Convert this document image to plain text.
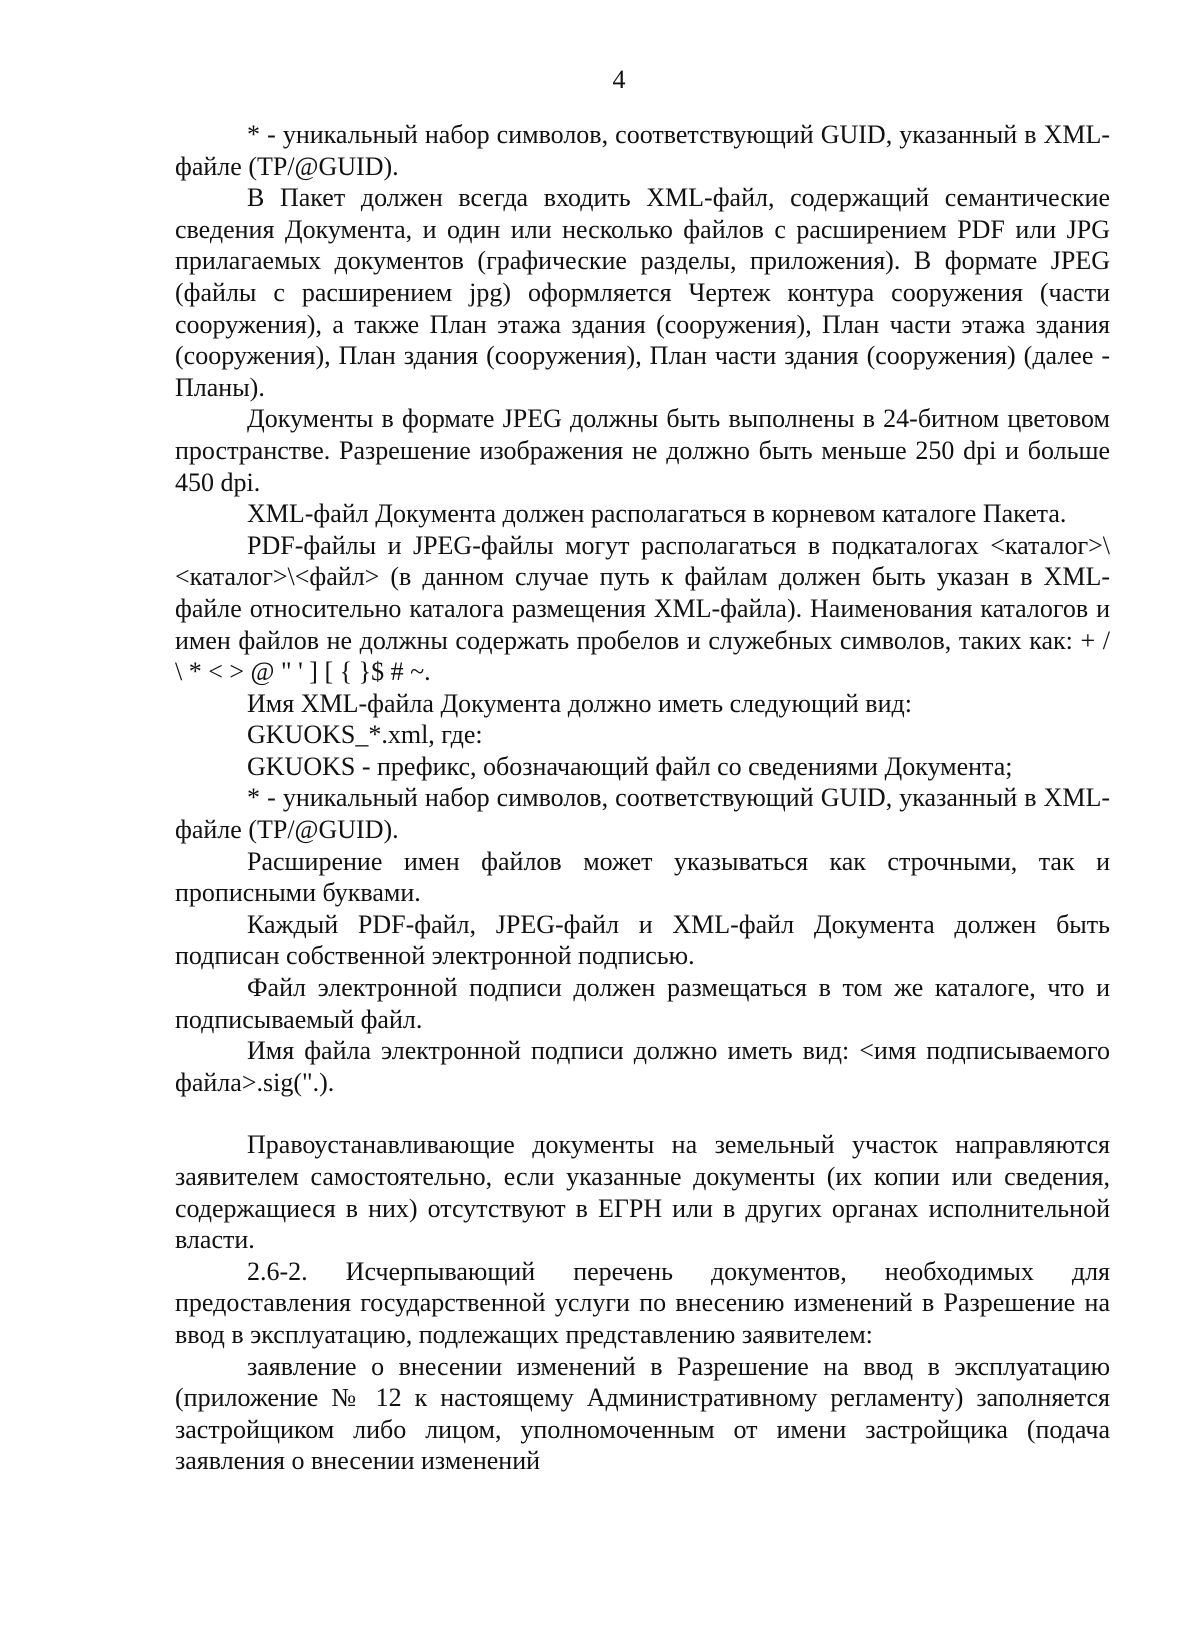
4

* - уникальный набор символов, соответствующий GUID, указанный в XML-файле (TP/@GUID).

В Пакет должен всегда входить XML-файл, содержащий семантические сведения Документа, и один или несколько файлов с расширением PDF или JPG прилагаемых документов (графические разделы, приложения). В формате JPEG (файлы с расширением jpg) оформляется Чертеж контура сооружения (части сооружения), а также План этажа здания (сооружения), План части этажа здания (сооружения), План здания (сооружения), План части здания (сооружения) (далее - Планы).

Документы в формате JPEG должны быть выполнены в 24-битном цветовом пространстве. Разрешение изображения не должно быть меньше 250 dpi и больше 450 dpi.

XML-файл Документа должен располагаться в корневом каталоге Пакета.

PDF-файлы и JPEG-файлы могут располагаться в подкаталогах <каталог>\<каталог>\<файл> (в данном случае путь к файлам должен быть указан в XML-файле относительно каталога размещения XML-файла). Наименования каталогов и имен файлов не должны содержать пробелов и служебных символов, таких как: + / \ * < > @ " ' ] [ { }$ # ~.

Имя XML-файла Документа должно иметь следующий вид:

GKUOKS_*.xml, где:

GKUOKS - префикс, обозначающий файл со сведениями Документа;

* - уникальный набор символов, соответствующий GUID, указанный в XML-файле (TP/@GUID).

Расширение имен файлов может указываться как строчными, так и прописными буквами.

Каждый PDF-файл, JPEG-файл и XML-файл Документа должен быть подписан собственной электронной подписью.

Файл электронной подписи должен размещаться в том же каталоге, что и подписываемый файл.

Имя файла электронной подписи должно иметь вид: <имя подписываемого файла>.sig(".).

Правоустанавливающие документы на земельный участок направляются заявителем самостоятельно, если указанные документы (их копии или сведения, содержащиеся в них) отсутствуют в ЕГРН или в других органах исполнительной власти.

2.6-2. Исчерпывающий перечень документов, необходимых для предоставления государственной услуги по внесению изменений в Разрешение на ввод в эксплуатацию, подлежащих представлению заявителем:

заявление о внесении изменений в Разрешение на ввод в эксплуатацию (приложение № 12 к настоящему Административному регламенту) заполняется застройщиком либо лицом, уполномоченным от имени застройщика (подача заявления о внесении изменений
